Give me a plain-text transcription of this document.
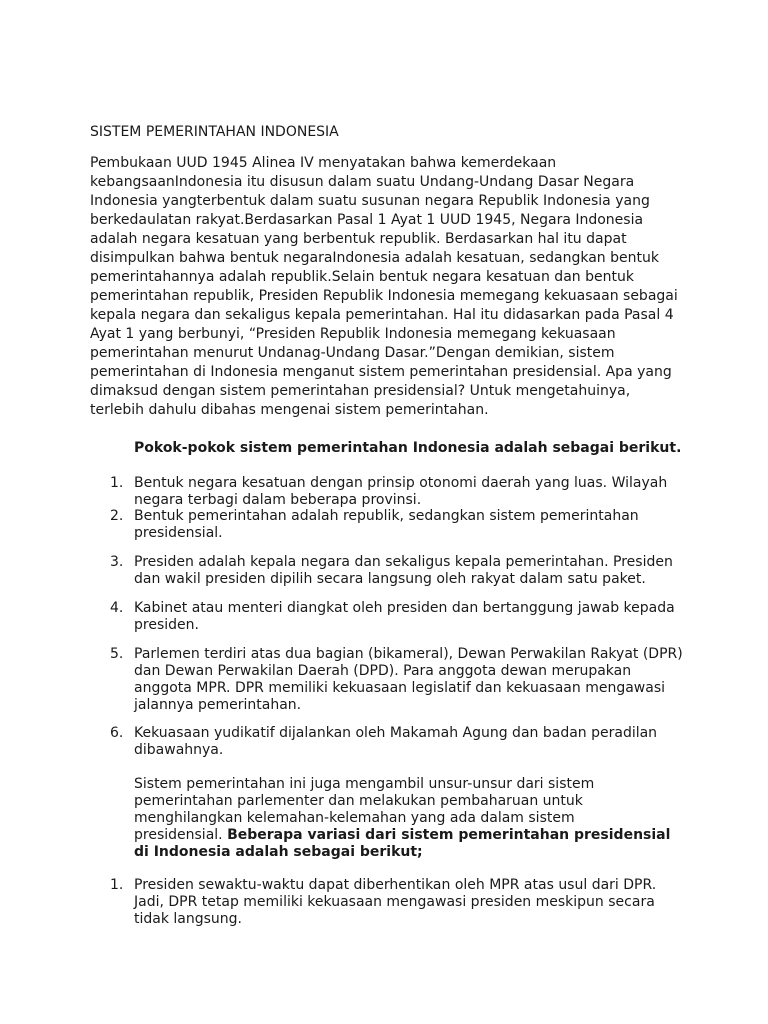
SISTEM PEMERINTAHAN INDONESIA

Pembukaan UUD 1945 Alinea IV menyatakan bahwa kemerdekaan
kebangsaanIndonesia itu disusun dalam suatu Undang-Undang Dasar Negara
Indonesia yangterbentuk dalam suatu susunan negara Republik Indonesia yang
berkedaulatan rakyat.Berdasarkan Pasal 1 Ayat 1 UUD 1945, Negara Indonesia
adalah negara kesatuan yang berbentuk republik. Berdasarkan hal itu dapat
disimpulkan bahwa bentuk negaraIndonesia adalah kesatuan, sedangkan bentuk
pemerintahannya adalah republik.Selain bentuk negara kesatuan dan bentuk
pemerintahan republik, Presiden Republik Indonesia memegang kekuasaan sebagai
kepala negara dan sekaligus kepala pemerintahan. Hal itu didasarkan pada Pasal 4
Ayat 1 yang berbunyi, “Presiden Republik Indonesia memegang kekuasaan
pemerintahan menurut Undanag-Undang Dasar.”Dengan demikian, sistem
pemerintahan di Indonesia menganut sistem pemerintahan presidensial. Apa yang
dimaksud dengan sistem pemerintahan presidensial? Untuk mengetahuinya,
terlebih dahulu dibahas mengenai sistem pemerintahan.

Pokok-pokok sistem pemerintahan Indonesia adalah sebagai berikut.

1. Bentuk negara kesatuan dengan prinsip otonomi daerah yang luas. Wilayah
negara terbagi dalam beberapa provinsi.
2. Bentuk pemerintahan adalah republik, sedangkan sistem pemerintahan
presidensial.
3. Presiden adalah kepala negara dan sekaligus kepala pemerintahan. Presiden
dan wakil presiden dipilih secara langsung oleh rakyat dalam satu paket.
4. Kabinet atau menteri diangkat oleh presiden dan bertanggung jawab kepada
presiden.
5. Parlemen terdiri atas dua bagian (bikameral), Dewan Perwakilan Rakyat (DPR)
dan Dewan Perwakilan Daerah (DPD). Para anggota dewan merupakan
anggota MPR. DPR memiliki kekuasaan legislatif dan kekuasaan mengawasi
jalannya pemerintahan.
6. Kekuasaan yudikatif dijalankan oleh Makamah Agung dan badan peradilan
dibawahnya.

Sistem pemerintahan ini juga mengambil unsur-unsur dari sistem
pemerintahan parlementer dan melakukan pembaharuan untuk
menghilangkan kelemahan-kelemahan yang ada dalam sistem
presidensial. Beberapa variasi dari sistem pemerintahan presidensial
di Indonesia adalah sebagai berikut;

1. Presiden sewaktu-waktu dapat diberhentikan oleh MPR atas usul dari DPR.
Jadi, DPR tetap memiliki kekuasaan mengawasi presiden meskipun secara
tidak langsung.
